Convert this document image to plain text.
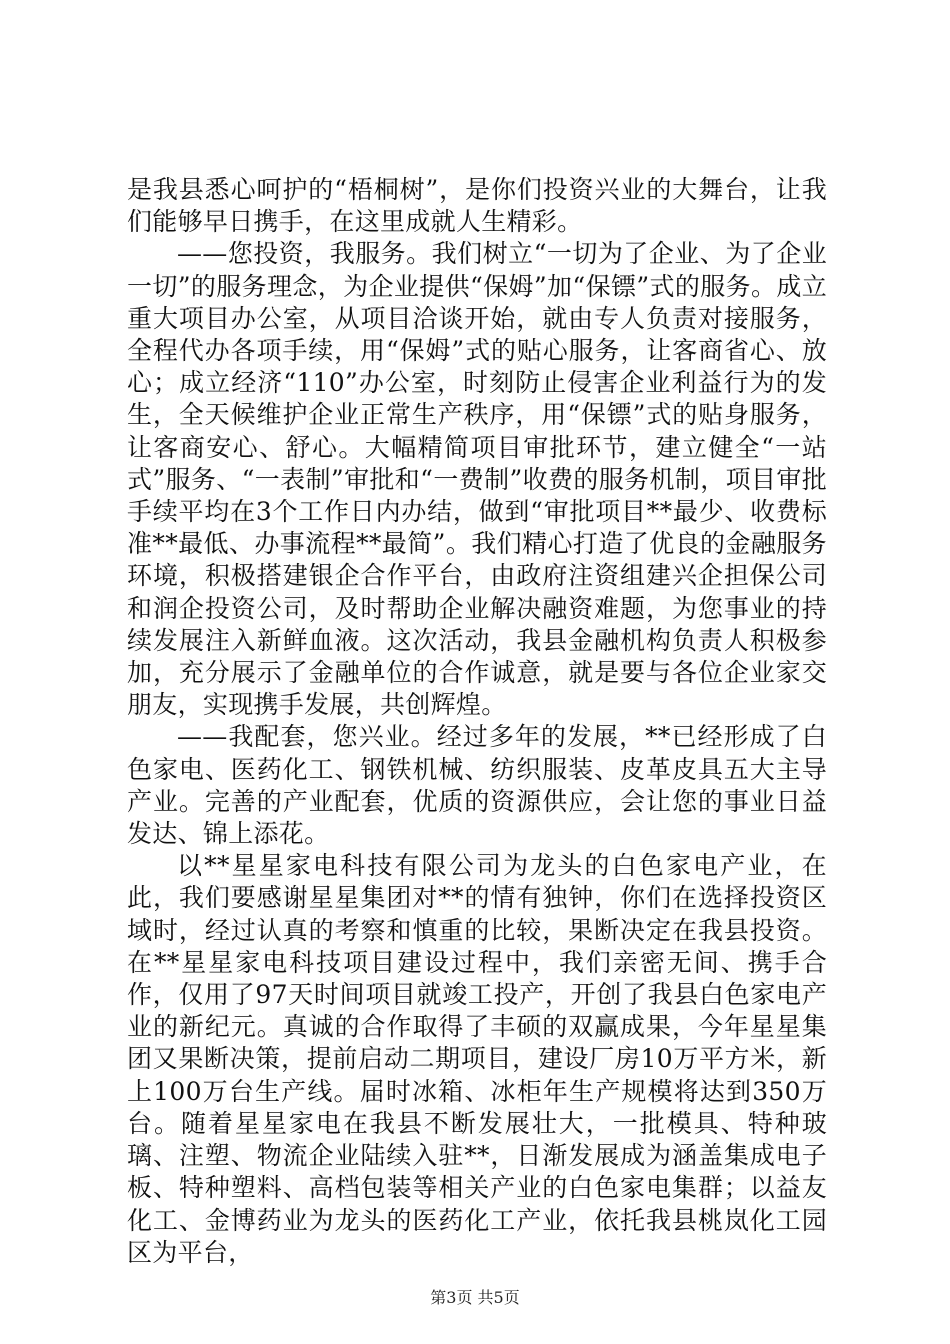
是我县悉心呵护的“梧桐树”，是你们投资兴业的大舞台，让我们能够早日携手，在这里成就人生精彩。

——您投资，我服务。我们树立“一切为了企业、为了企业一切”的服务理念，为企业提供“保姆”加“保镖”式的服务。成立重大项目办公室，从项目洽谈开始，就由专人负责对接服务，全程代办各项手续，用“保姆”式的贴心服务，让客商省心、放心；成立经济“110”办公室，时刻防止侵害企业利益行为的发生，全天候维护企业正常生产秩序，用“保镖”式的贴身服务，让客商安心、舒心。大幅精简项目审批环节，建立健全“一站式”服务、“一表制”审批和“一费制”收费的服务机制，项目审批手续平均在3个工作日内办结，做到“审批项目**最少、收费标准**最低、办事流程**最简”。我们精心打造了优良的金融服务环境，积极搭建银企合作平台，由政府注资组建兴企担保公司和润企投资公司，及时帮助企业解决融资难题，为您事业的持续发展注入新鲜血液。这次活动，我县金融机构负责人积极参加，充分展示了金融单位的合作诚意，就是要与各位企业家交朋友，实现携手发展，共创辉煌。

——我配套，您兴业。经过多年的发展，**已经形成了白色家电、医药化工、钢铁机械、纺织服装、皮革皮具五大主导产业。完善的产业配套，优质的资源供应，会让您的事业日益发达、锦上添花。

以**星星家电科技有限公司为龙头的白色家电产业，在此，我们要感谢星星集团对**的情有独钟，你们在选择投资区域时，经过认真的考察和慎重的比较，果断决定在我县投资。在**星星家电科技项目建设过程中，我们亲密无间、携手合作，仅用了97天时间项目就竣工投产，开创了我县白色家电产业的新纪元。真诚的合作取得了丰硕的双赢成果，今年星星集团又果断决策，提前启动二期项目，建设厂房10万平方米，新上100万台生产线。届时冰箱、冰柜年生产规模将达到350万台。随着星星家电在我县不断发展壮大，一批模具、特种玻璃、注塑、物流企业陆续入驻**，日渐发展成为涵盖集成电子板、特种塑料、高档包装等相关产业的白色家电集群；以益友化工、金博药业为龙头的医药化工产业，依托我县桃岚化工园区为平台，

第3页 共5页
